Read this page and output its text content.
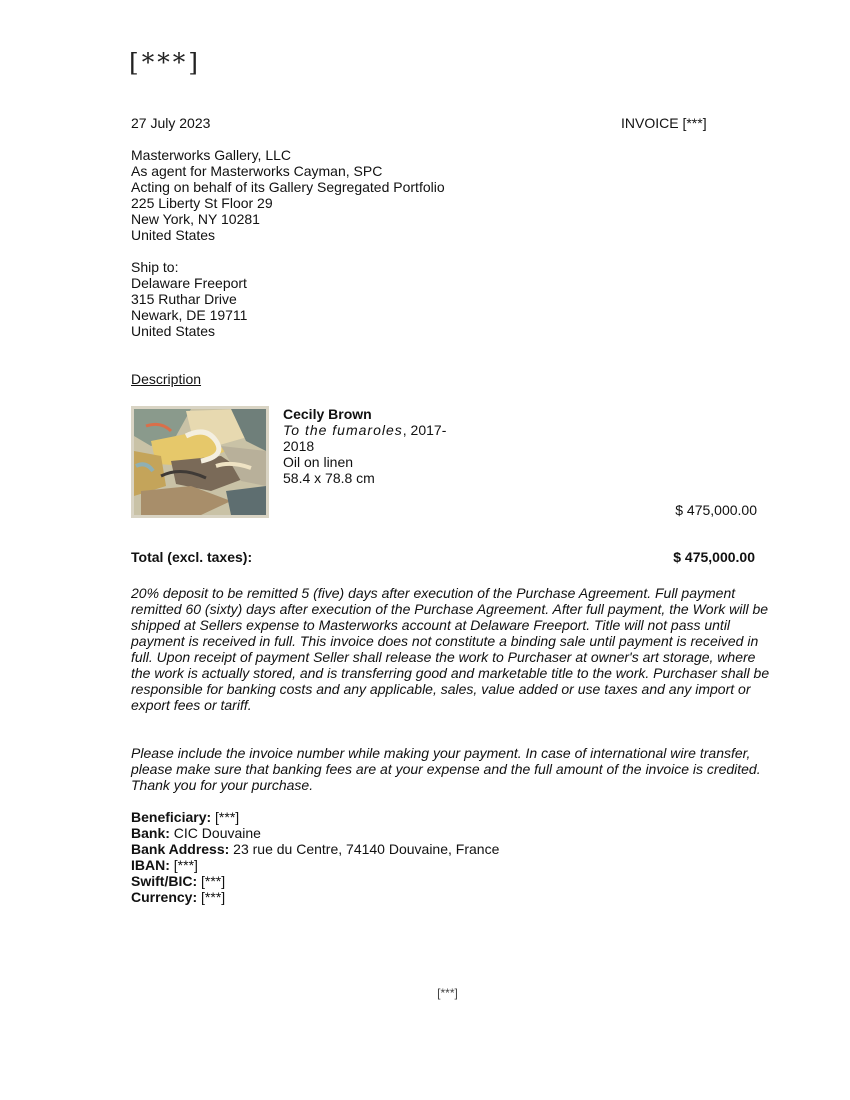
[***]
27 July 2023	INVOICE [***]
Masterworks Gallery, LLC
As agent for Masterworks Cayman, SPC
Acting on behalf of its Gallery Segregated Portfolio
225 Liberty St Floor 29
New York, NY 10281
United States
Ship to:
Delaware Freeport
315 Ruthar Drive
Newark, DE 19711
United States
Description
Cecily Brown
To the fumaroles, 2017-2018
Oil on linen
58.4 x 78.8 cm
$ 475,000.00
Total (excl. taxes):	$ 475,000.00
20% deposit to be remitted 5 (five) days after execution of the Purchase Agreement. Full payment remitted 60 (sixty) days after execution of the Purchase Agreement. After full payment, the Work will be shipped at Sellers expense to Masterworks account at Delaware Freeport. Title will not pass until payment is received in full. This invoice does not constitute a binding sale until payment is received in full. Upon receipt of payment Seller shall release the work to Purchaser at owner's art storage, where the work is actually stored, and is transferring good and marketable title to the work. Purchaser shall be responsible for banking costs and any applicable, sales, value added or use taxes and any import or export fees or tariff.
Please include the invoice number while making your payment. In case of international wire transfer, please make sure that banking fees are at your expense and the full amount of the invoice is credited. Thank you for your purchase.
Beneficiary: [***]
Bank: CIC Douvaine
Bank Address: 23 rue du Centre, 74140 Douvaine, France
IBAN: [***]
Swift/BIC: [***]
Currency: [***]
[***]
